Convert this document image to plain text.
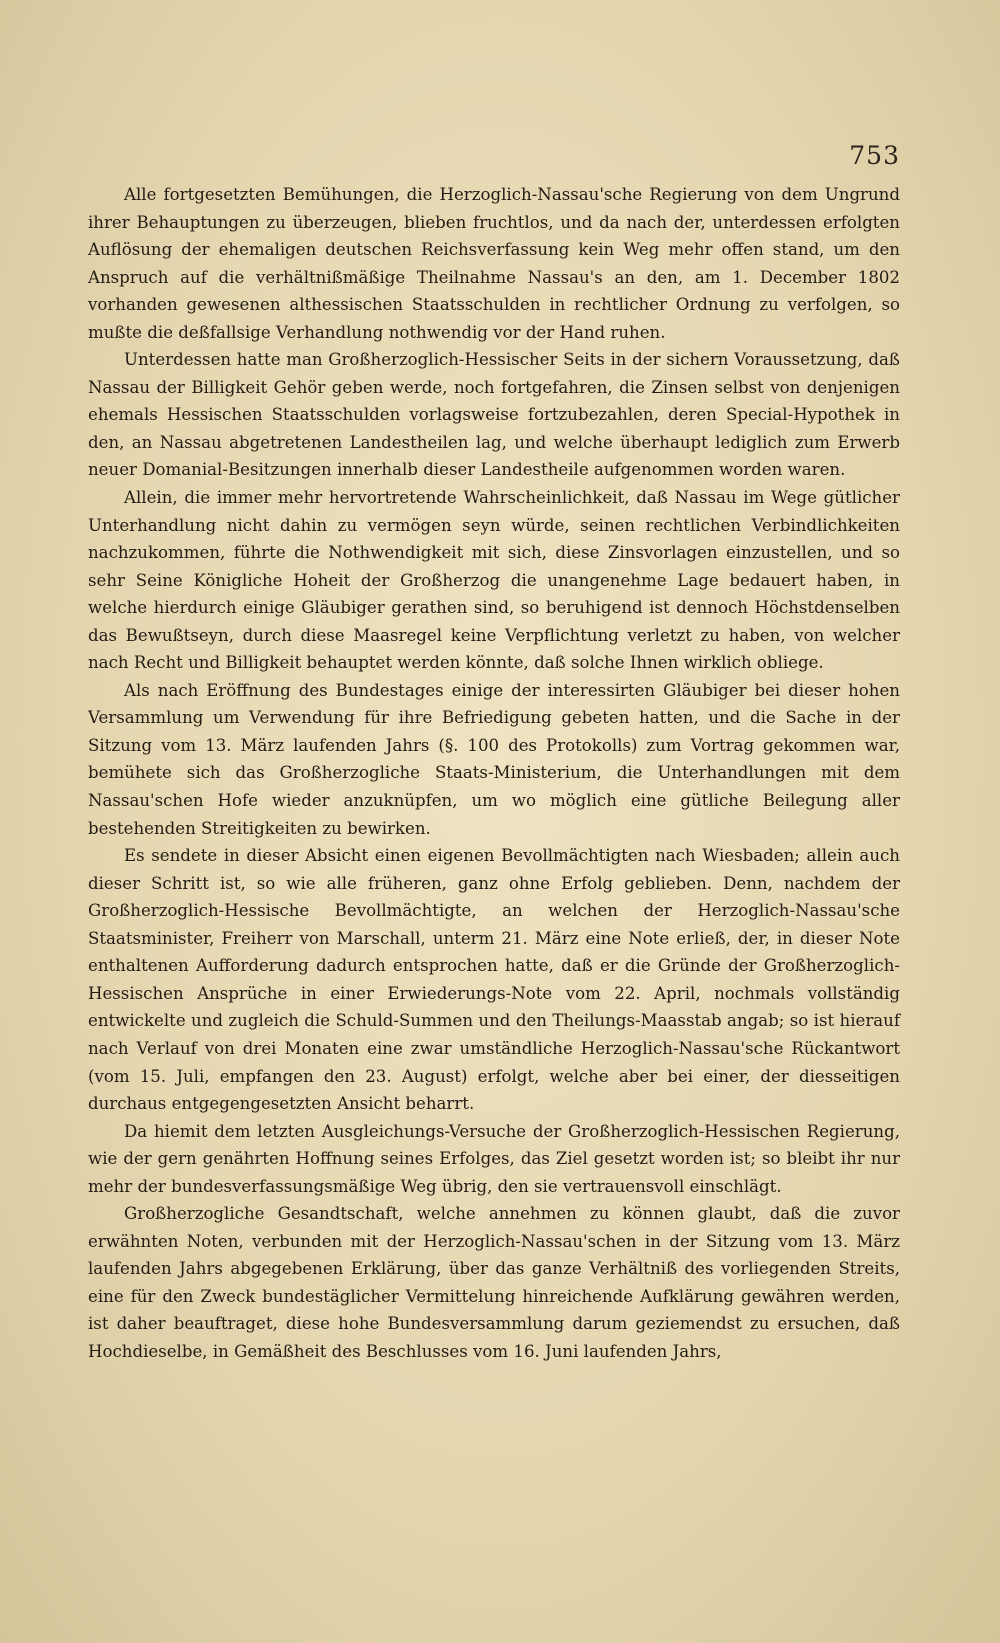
753

Alle fortgesetzten Bemühungen, die Herzoglich-Nassau'sche Regierung von dem Ungrund ihrer Behauptungen zu überzeugen, blieben fruchtlos, und da nach der, unterdessen erfolgten Auflösung der ehemaligen deutschen Reichsverfassung kein Weg mehr offen stand, um den Anspruch auf die verhältnißmäßige Theilnahme Nassau's an den, am 1. December 1802 vorhanden gewesenen althessischen Staatsschulden in rechtlicher Ordnung zu verfolgen, so mußte die deßfallsige Verhandlung nothwendig vor der Hand ruhen.

Unterdessen hatte man Großherzoglich-Hessischer Seits in der sichern Voraussetzung, daß Nassau der Billigkeit Gehör geben werde, noch fortgefahren, die Zinsen selbst von denjenigen ehemals Hessischen Staatsschulden vorlagsweise fortzubezahlen, deren Special-Hypothek in den, an Nassau abgetretenen Landestheilen lag, und welche überhaupt lediglich zum Erwerb neuer Domanial-Besitzungen innerhalb dieser Landestheile aufgenommen worden waren.

Allein, die immer mehr hervortretende Wahrscheinlichkeit, daß Nassau im Wege gütlicher Unterhandlung nicht dahin zu vermögen seyn würde, seinen rechtlichen Verbindlichkeiten nachzukommen, führte die Nothwendigkeit mit sich, diese Zinsvorlagen einzustellen, und so sehr Seine Königliche Hoheit der Großherzog die unangenehme Lage bedauert haben, in welche hierdurch einige Gläubiger gerathen sind, so beruhigend ist dennoch Höchstdenselben das Bewußtseyn, durch diese Maasregel keine Verpflichtung verletzt zu haben, von welcher nach Recht und Billigkeit behauptet werden könnte, daß solche Ihnen wirklich obliege.

Als nach Eröffnung des Bundestages einige der interessirten Gläubiger bei dieser hohen Versammlung um Verwendung für ihre Befriedigung gebeten hatten, und die Sache in der Sitzung vom 13. März laufenden Jahrs (§. 100 des Protokolls) zum Vortrag gekommen war, bemühete sich das Großherzogliche Staats-Ministerium, die Unterhandlungen mit dem Nassau'schen Hofe wieder anzuknüpfen, um wo möglich eine gütliche Beilegung aller bestehenden Streitigkeiten zu bewirken.

Es sendete in dieser Absicht einen eigenen Bevollmächtigten nach Wiesbaden; allein auch dieser Schritt ist, so wie alle früheren, ganz ohne Erfolg geblieben. Denn, nachdem der Großherzoglich-Hessische Bevollmächtigte, an welchen der Herzoglich-Nassau'sche Staatsminister, Freiherr von Marschall, unterm 21. März eine Note erließ, der, in dieser Note enthaltenen Aufforderung dadurch entsprochen hatte, daß er die Gründe der Großherzoglich-Hessischen Ansprüche in einer Erwiederungs-Note vom 22. April, nochmals vollständig entwickelte und zugleich die Schuld-Summen und den Theilungs-Maasstab angab; so ist hierauf nach Verlauf von drei Monaten eine zwar umständliche Herzoglich-Nassau'sche Rückantwort (vom 15. Juli, empfangen den 23. August) erfolgt, welche aber bei einer, der diesseitigen durchaus entgegengesetzten Ansicht beharrt.

Da hiemit dem letzten Ausgleichungs-Versuche der Großherzoglich-Hessischen Regierung, wie der gern genährten Hoffnung seines Erfolges, das Ziel gesetzt worden ist; so bleibt ihr nur mehr der bundesverfassungsmäßige Weg übrig, den sie vertrauensvoll einschlägt.

Großherzogliche Gesandtschaft, welche annehmen zu können glaubt, daß die zuvor erwähnten Noten, verbunden mit der Herzoglich-Nassau'schen in der Sitzung vom 13. März laufenden Jahrs abgegebenen Erklärung, über das ganze Verhältniß des vorliegenden Streits, eine für den Zweck bundestäglicher Vermittelung hinreichende Aufklärung gewähren werden, ist daher beauftraget, diese hohe Bundesversammlung darum geziemendst zu ersuchen, daß Hochdieselbe, in Gemäßheit des Beschlusses vom 16. Juni laufenden Jahrs,
